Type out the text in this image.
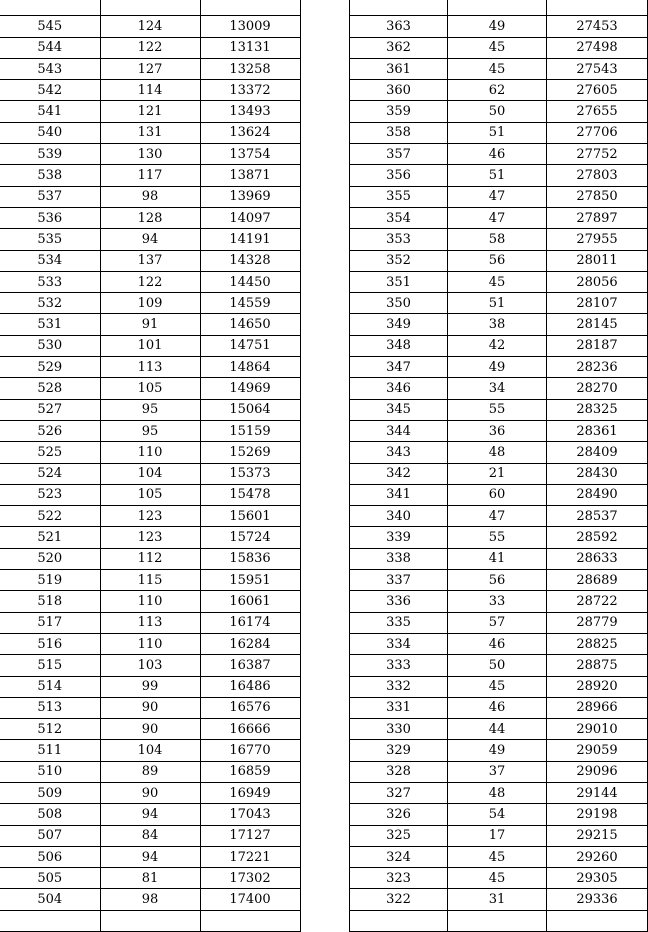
545	124	13009
544	122	13131
543	127	13258
542	114	13372
541	121	13493
540	131	13624
539	130	13754
538	117	13871
537	98	13969
536	128	14097
535	94	14191
534	137	14328
533	122	14450
532	109	14559
531	91	14650
530	101	14751
529	113	14864
528	105	14969
527	95	15064
526	95	15159
525	110	15269
524	104	15373
523	105	15478
522	123	15601
521	123	15724
520	112	15836
519	115	15951
518	110	16061
517	113	16174
516	110	16284
515	103	16387
514	99	16486
513	90	16576
512	90	16666
511	104	16770
510	89	16859
509	90	16949
508	94	17043
507	84	17127
506	94	17221
505	81	17302
504	98	17400

363	49	27453
362	45	27498
361	45	27543
360	62	27605
359	50	27655
358	51	27706
357	46	27752
356	51	27803
355	47	27850
354	47	27897
353	58	27955
352	56	28011
351	45	28056
350	51	28107
349	38	28145
348	42	28187
347	49	28236
346	34	28270
345	55	28325
344	36	28361
343	48	28409
342	21	28430
341	60	28490
340	47	28537
339	55	28592
338	41	28633
337	56	28689
336	33	28722
335	57	28779
334	46	28825
333	50	28875
332	45	28920
331	46	28966
330	44	29010
329	49	29059
328	37	29096
327	48	29144
326	54	29198
325	17	29215
324	45	29260
323	45	29305
322	31	29336
